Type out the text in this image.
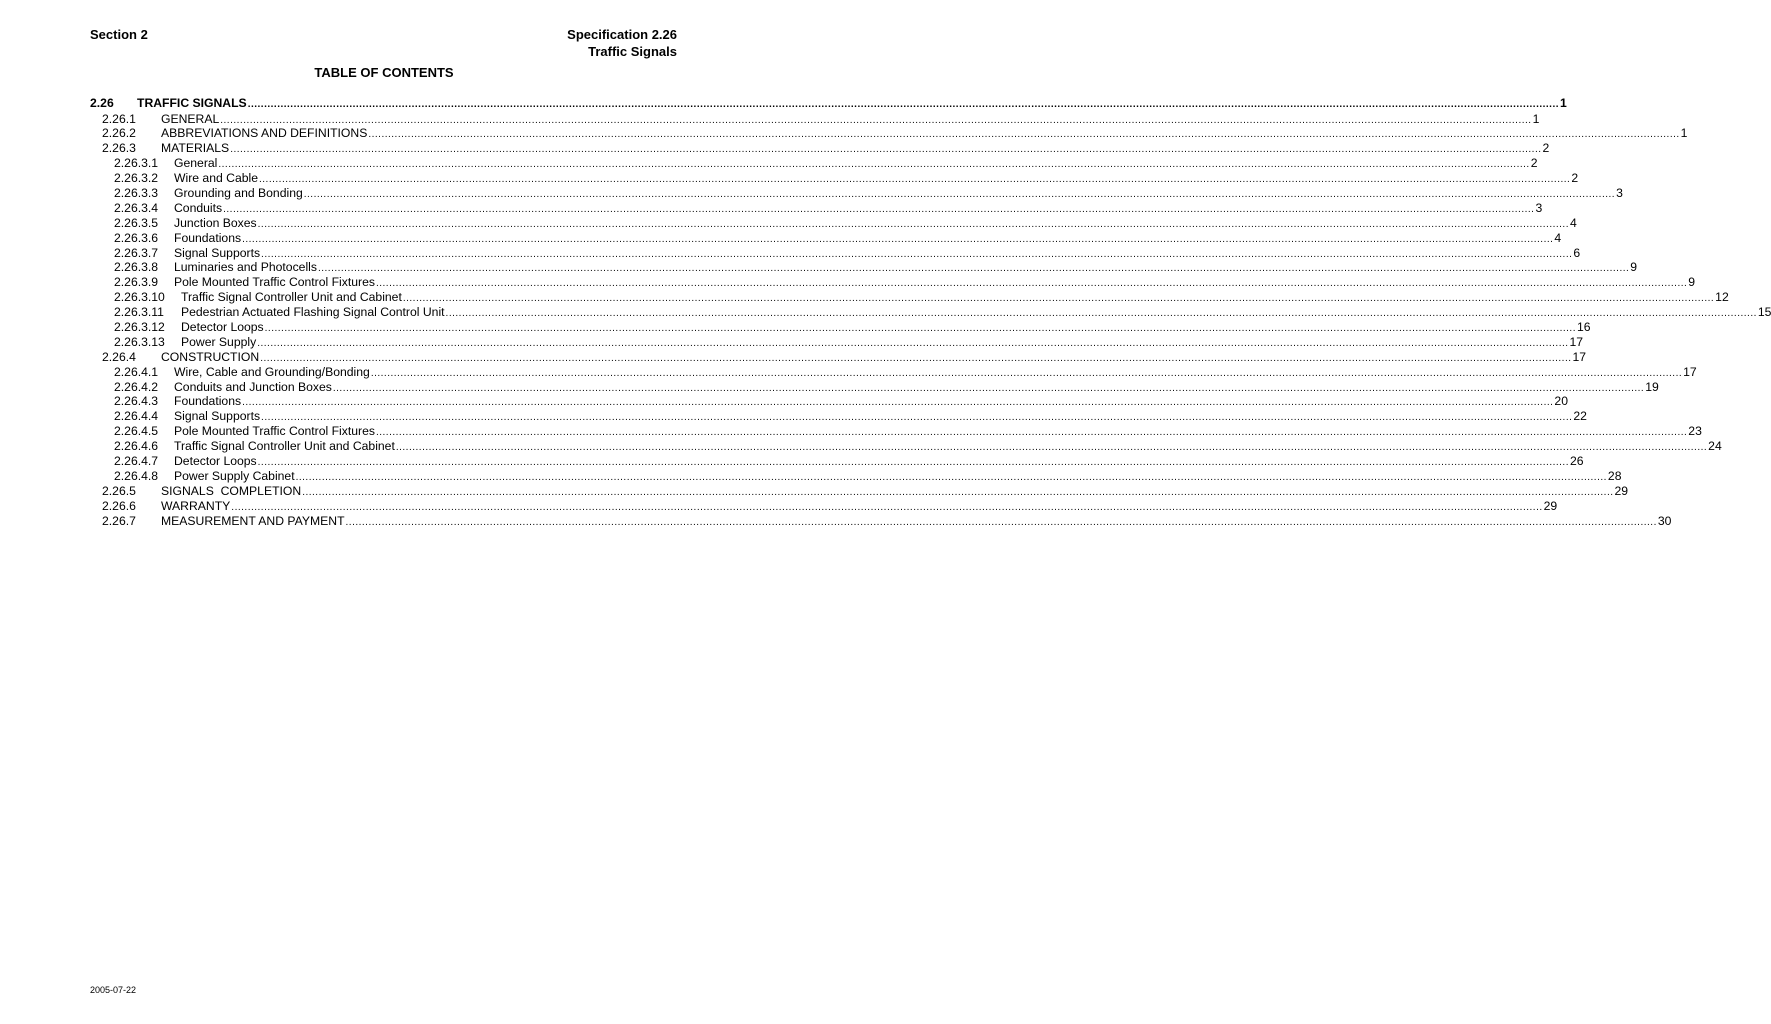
Section 2	Specification 2.26
Traffic Signals
TABLE OF CONTENTS
2.26 TRAFFIC SIGNALS ................................................................................................................................................................................................................................................................................................................................................................................................................ 1
2.26.1 GENERAL ................................................................................................................................................................................................................................................................................................................................................................................................................ 1
2.26.2 ABBREVIATIONS AND DEFINITIONS ................................................................................................................................................................................................................................................................................................................................................................................................................ 1
2.26.3 MATERIALS ................................................................................................................................................................................................................................................................................................................................................................................................................ 2
2.26.3.1 General ................................................................................................................................................................................................................................................................................................................................................................................................................ 2
2.26.3.2 Wire and Cable ................................................................................................................................................................................................................................................................................................................................................................................................................ 2
2.26.3.3 Grounding and Bonding ................................................................................................................................................................................................................................................................................................................................................................................................................ 3
2.26.3.4 Conduits ................................................................................................................................................................................................................................................................................................................................................................................................................ 3
2.26.3.5 Junction Boxes ................................................................................................................................................................................................................................................................................................................................................................................................................ 4
2.26.3.6 Foundations ................................................................................................................................................................................................................................................................................................................................................................................................................ 4
2.26.3.7 Signal Supports ................................................................................................................................................................................................................................................................................................................................................................................................................ 6
2.26.3.8 Luminaries and Photocells ................................................................................................................................................................................................................................................................................................................................................................................................................ 9
2.26.3.9 Pole Mounted Traffic Control Fixtures ................................................................................................................................................................................................................................................................................................................................................................................................................ 9
2.26.3.10 Traffic Signal Controller Unit and Cabinet ................................................................................................................................................................................................................................................................................................................................................................................................................ 12
2.26.3.11 Pedestrian Actuated Flashing Signal Control Unit ................................................................................................................................................................................................................................................................................................................................................................................................................ 15
2.26.3.12 Detector Loops ................................................................................................................................................................................................................................................................................................................................................................................................................ 16
2.26.3.13 Power Supply ................................................................................................................................................................................................................................................................................................................................................................................................................ 17
2.26.4 CONSTRUCTION ................................................................................................................................................................................................................................................................................................................................................................................................................ 17
2.26.4.1 Wire, Cable and Grounding/Bonding ................................................................................................................................................................................................................................................................................................................................................................................................................ 17
2.26.4.2 Conduits and Junction Boxes ................................................................................................................................................................................................................................................................................................................................................................................................................ 19
2.26.4.3 Foundations ................................................................................................................................................................................................................................................................................................................................................................................................................ 20
2.26.4.4 Signal Supports ................................................................................................................................................................................................................................................................................................................................................................................................................ 22
2.26.4.5 Pole Mounted Traffic Control Fixtures ................................................................................................................................................................................................................................................................................................................................................................................................................ 23
2.26.4.6 Traffic Signal Controller Unit and Cabinet ................................................................................................................................................................................................................................................................................................................................................................................................................ 24
2.26.4.7 Detector Loops ................................................................................................................................................................................................................................................................................................................................................................................................................ 26
2.26.4.8 Power Supply Cabinet ................................................................................................................................................................................................................................................................................................................................................................................................................ 28
2.26.5 SIGNALS  COMPLETION ................................................................................................................................................................................................................................................................................................................................................................................................................ 29
2.26.6 WARRANTY ................................................................................................................................................................................................................................................................................................................................................................................................................ 29
2.26.7 MEASUREMENT AND PAYMENT ................................................................................................................................................................................................................................................................................................................................................................................................................ 30
2005-07-22
